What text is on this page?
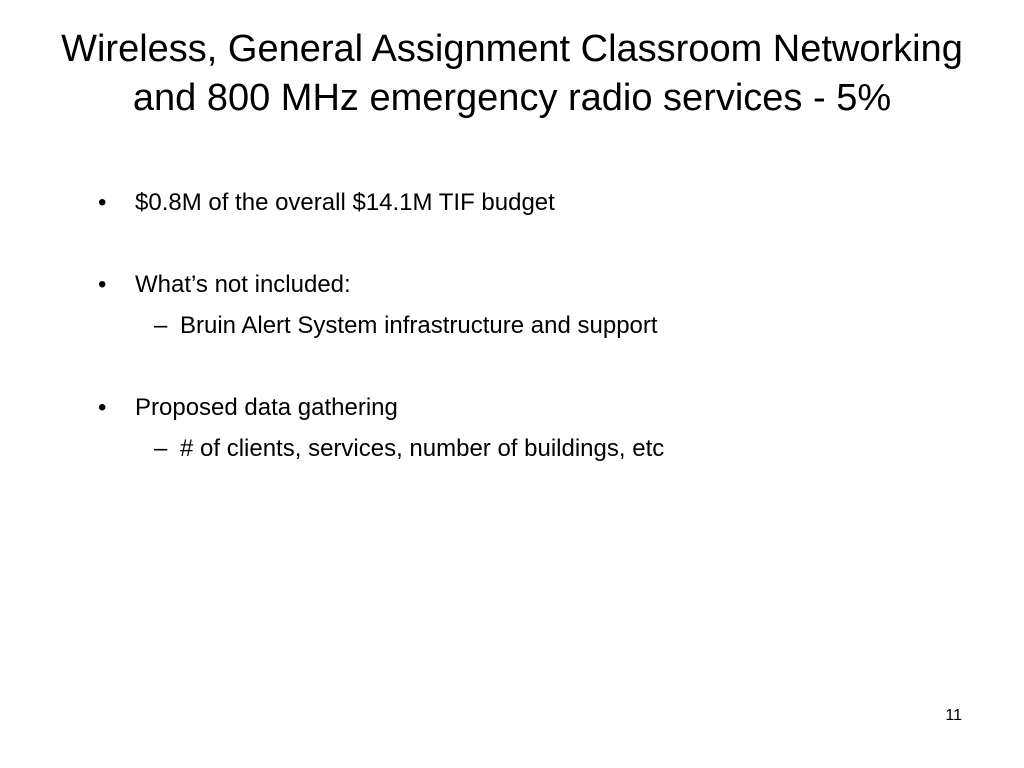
Wireless, General Assignment Classroom Networking
and 800 MHz emergency radio services - 5%
• $0.8M of the overall $14.1M TIF budget
• What’s not included:
– Bruin Alert System infrastructure and support
• Proposed data gathering
– # of clients, services, number of buildings, etc
11
